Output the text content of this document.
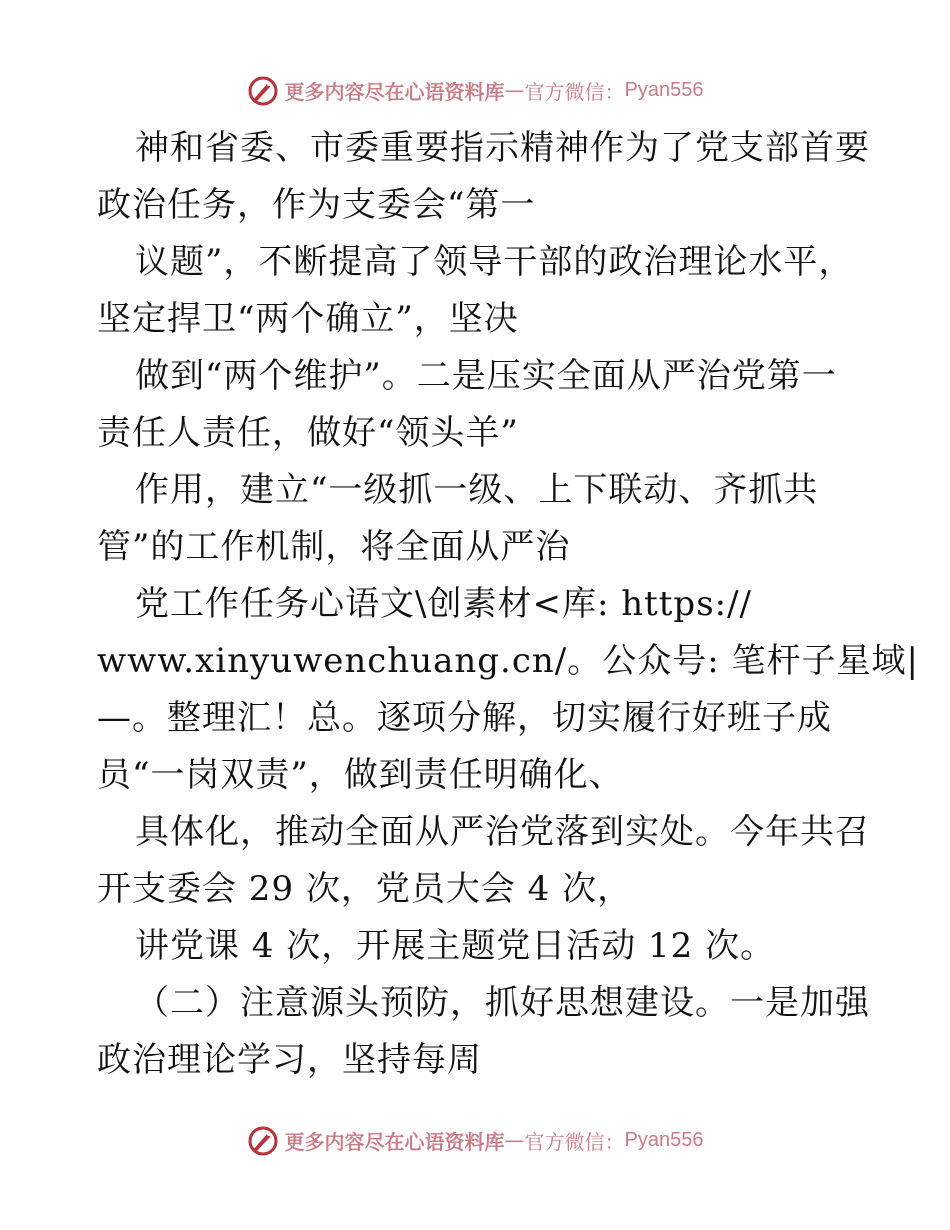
更多内容尽在心语资料库 — 官方微信： Pyan556
神和省委、市委重要指示精神作为了党支部首要
政治任务，作为支委会“第一
议题”，不断提高了领导干部的政治理论水平，
坚定捍卫“两个确立”，坚决
做到“两个维护”。二是压实全面从严治党第一
责任人责任，做好“领头羊”
作用，建立“一级抓一级、上下联动、齐抓共
管”的工作机制，将全面从严治
党工作任务心语文\创素材<库: https://
www.xinyuwenchuang.cn/。公众号: 笔杆子星域|
—。整理汇！总。逐项分解，切实履行好班子成
员“一岗双责”，做到责任明确化、
具体化，推动全面从严治党落到实处。今年共召
开支委会 29 次，党员大会 4 次，
讲党课 4 次，开展主题党日活动 12 次。
（二）注意源头预防，抓好思想建设。一是加强
政治理论学习，坚持每周
更多内容尽在心语资料库 — 官方微信： Pyan556
